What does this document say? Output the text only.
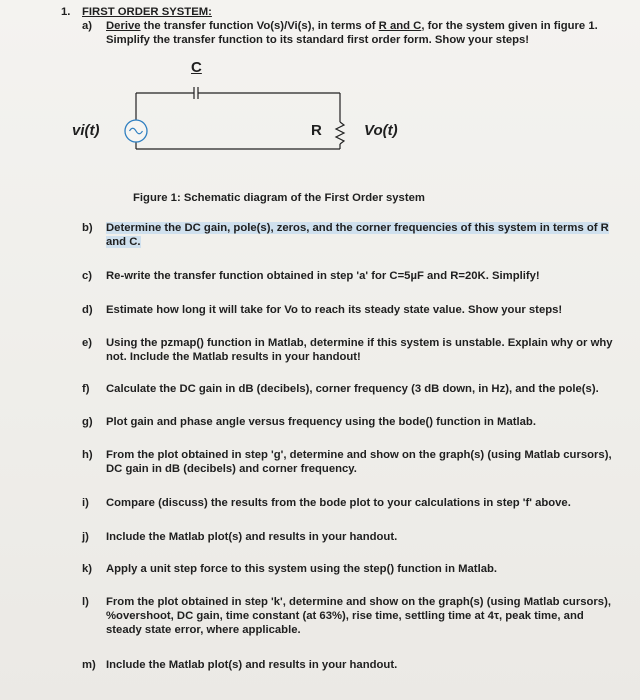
1. FIRST ORDER SYSTEM:
a) Derive the transfer function Vo(s)/Vi(s), in terms of R and C, for the system given in figure 1.
Simplify the transfer function to its standard first order form. Show your steps!
C
vi(t)	R	Vo(t)
Figure 1: Schematic diagram of the First Order system
b) Determine the DC gain, pole(s), zeros, and the corner frequencies of this system in terms of R
and C.
c) Re-write the transfer function obtained in step 'a' for C=5µF and R=20K. Simplify!
d) Estimate how long it will take for Vo to reach its steady state value. Show your steps!
e) Using the pzmap() function in Matlab, determine if this system is unstable. Explain why or why
not. Include the Matlab results in your handout!
f) Calculate the DC gain in dB (decibels), corner frequency (3 dB down, in Hz), and the pole(s).
g) Plot gain and phase angle versus frequency using the bode() function in Matlab.
h) From the plot obtained in step 'g', determine and show on the graph(s) (using Matlab cursors),
DC gain in dB (decibels) and corner frequency.
i) Compare (discuss) the results from the bode plot to your calculations in step 'f' above.
j) Include the Matlab plot(s) and results in your handout.
k) Apply a unit step force to this system using the step() function in Matlab.
l) From the plot obtained in step 'k', determine and show on the graph(s) (using Matlab cursors),
%overshoot, DC gain, time constant (at 63%), rise time, settling time at 4τ, peak time, and
steady state error, where applicable.
m) Include the Matlab plot(s) and results in your handout.
